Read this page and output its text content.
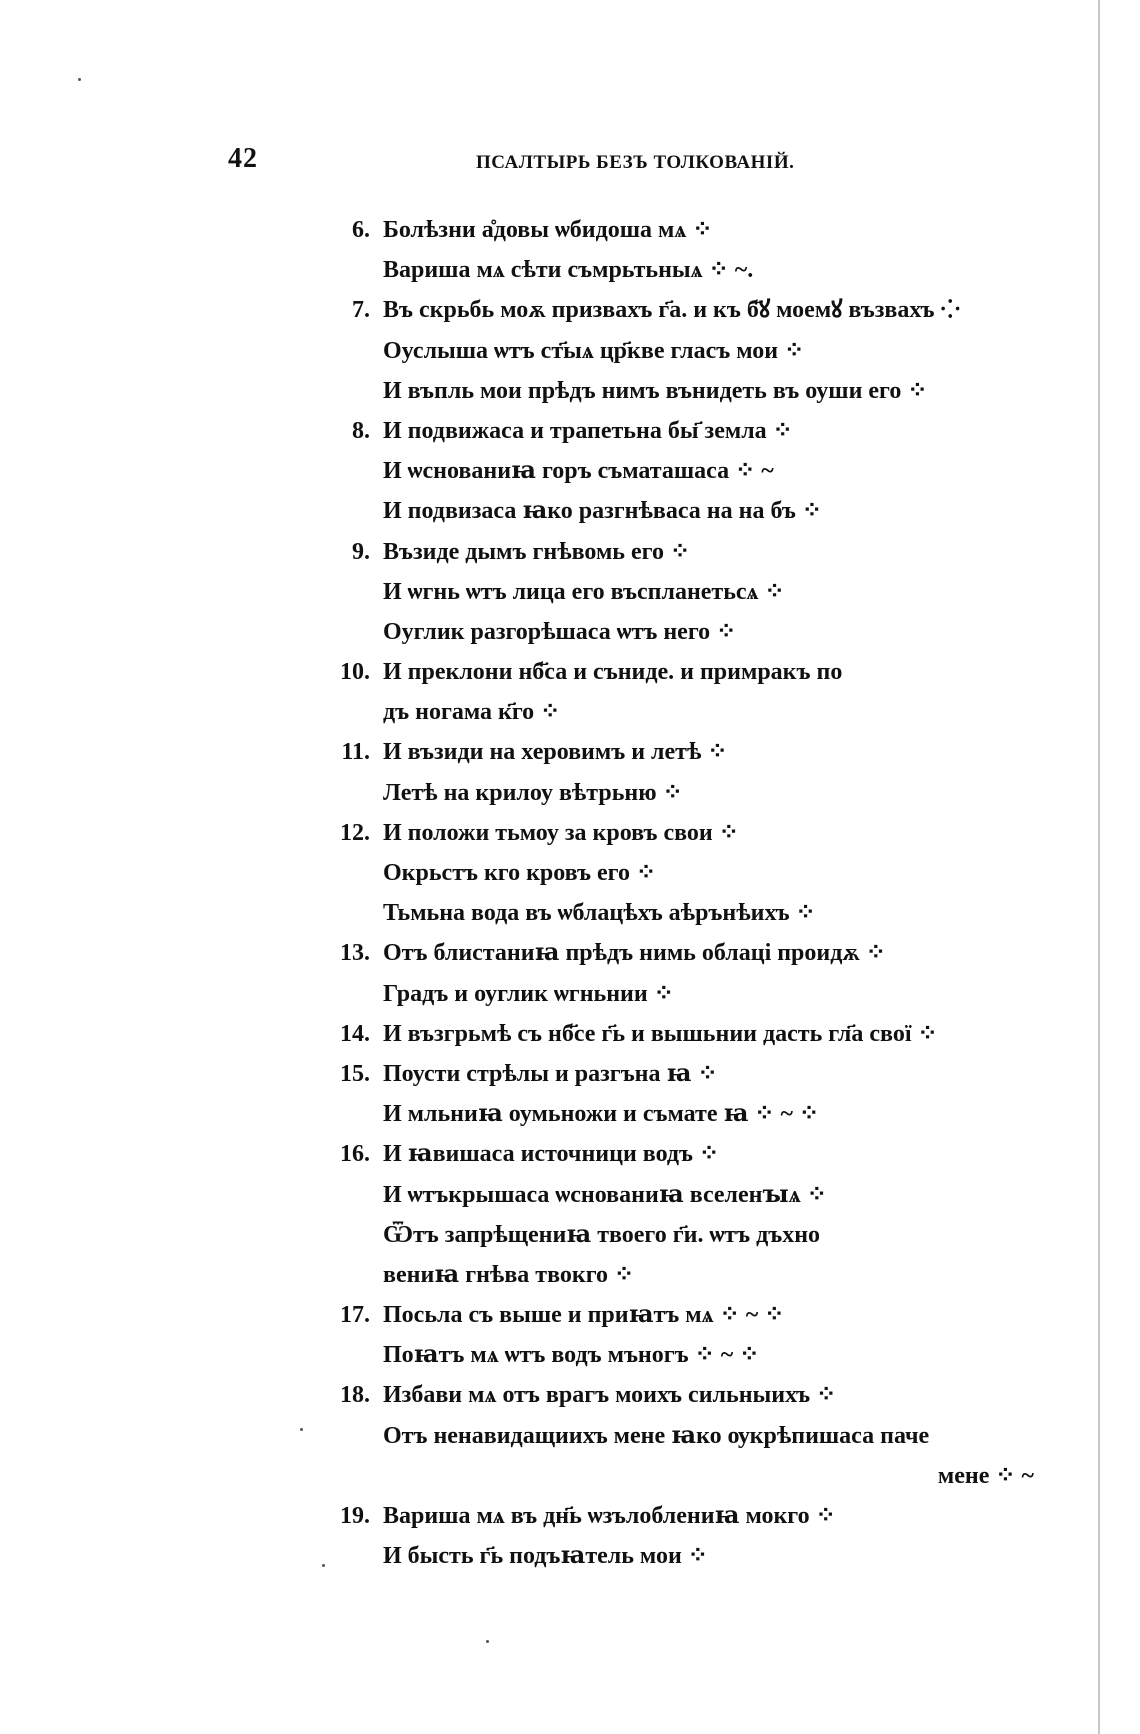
42	ПСАЛТЫРЬ БЕЗЪ ТОЛКОВАНІЙ.
6. Болѣзни а̊довы ѡбидоша мѧ ⁘
Вариша мѧ сѣти съмрьтьныѧ ⁘ ~.
7. Въ скрьбь моѫ призвахъ г҃а. и къ б҃ꙋ моемꙋ възвахъ ⁘
Оуслыша ѡтъ ст҃ыѧ цр҃кве гласъ мои ⁘
И въпль мои прѣдъ нимъ вънидеть въ оуши его ⁘
8. И подвижаса и трапетьна бы҃ земла ⁘
И ѡснованиꙗ горъ съматашаса ⁘ ~
И подвизаса ꙗко разгнѣваса на на бъ ⁘
9. Възиде дымъ гнѣвомь его ⁘
И ѡгнь ѡтъ лица его въспланетьсѧ ⁘
Оуглик разгорѣшаса ѡтъ него ⁘
10. И преклони нб҃са и съниде. и примракъ по
дъ ногама к҃го ⁘
11. И възиди на херовимъ и летѣ ⁘
Летѣ на крилоу вѣтрьню ⁘
12. И положи тьмоу за кровъ свои ⁘
Окрьстъ кго кровъ его ⁘
Тьмьна вода въ ѡблацѣхъ аѣрънѣихъ ⁘
13. Отъ блистаниꙗ прѣдъ нимь облаці проидѫ ⁘
Градъ и оуглик ѡгньнии ⁘
14. И възгрьмѣ съ нб҃се г҃ь и вышьнии дасть гл҃а свої ⁘
15. Поусти стрѣлы и разгъна ꙗ ⁘
И мльниꙗ оумьножи и съмате ꙗ ⁘ ~ ⁘
16. И ꙗвишаса источници водъ ⁘
И ѡтъкрышаса ѡснованиꙗ вселенꙑѧ ⁘
Ѿтъ запрѣщениꙗ твоего г҃и. ѡтъ дъхно
вениꙗ гнѣва твокго ⁘
17. Посьла съ выше и приꙗтъ мѧ ⁘ ~ ⁘
Поꙗтъ мѧ ѡтъ водъ мъногъ ⁘ ~ ⁘
18. Избави мѧ отъ врагъ моихъ сильныихъ ⁘
Отъ ненавидащиихъ мене ꙗко ѹкрѣпишаса паче
мене ⁘ ~
19. Вариша мѧ въ дн҃ь ѡзълоблениꙗ мокго ⁘
И бысть г҃ь подъꙗтель мои ⁘
